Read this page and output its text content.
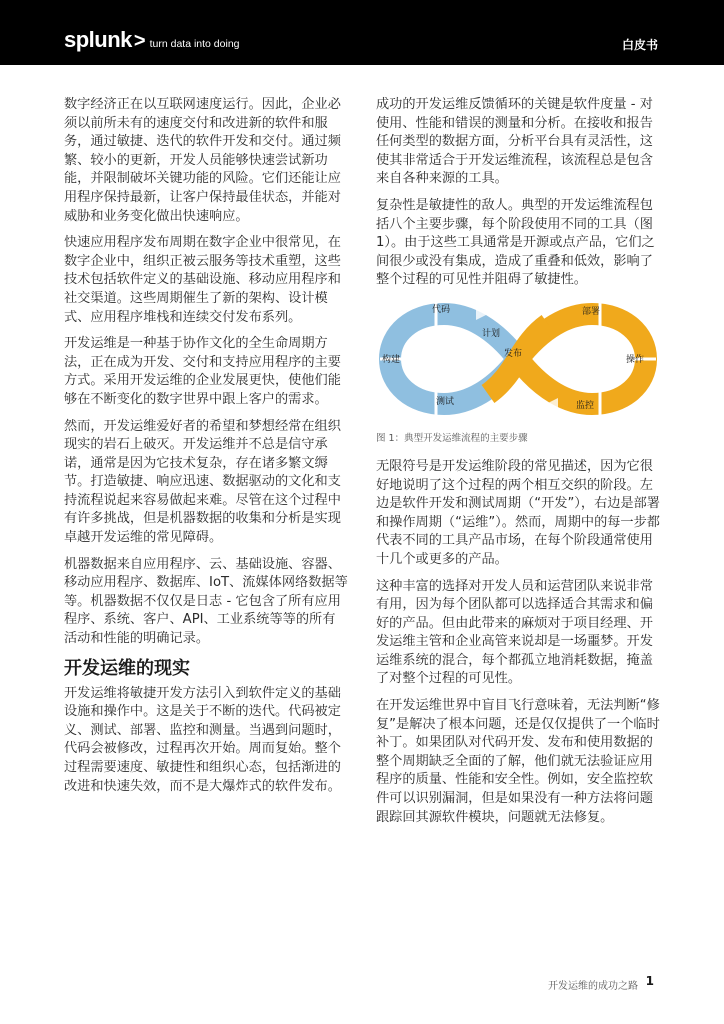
splunk > turn data into doing	白皮书

数字经济正在以互联网速度运行。因此，企业必须以前所未有的速度交付和改进新的软件和服务，通过敏捷、迭代的软件开发和交付。通过频繁、较小的更新，开发人员能够快速尝试新功能，并限制破坏关键功能的风险。它们还能让应用程序保持最新，让客户保持最佳状态，并能对威胁和业务变化做出快速响应。

快速应用程序发布周期在数字企业中很常见，在数字企业中，组织正被云服务等技术重塑，这些技术包括软件定义的基础设施、移动应用程序和社交渠道。这些周期催生了新的架构、设计模式、应用程序堆栈和连续交付发布系列。

开发运维是一种基于协作文化的全生命周期方法，正在成为开发、交付和支持应用程序的主要方式。采用开发运维的企业发展更快，使他们能够在不断变化的数字世界中跟上客户的需求。

然而，开发运维爱好者的希望和梦想经常在组织现实的岩石上破灭。开发运维并不总是信守承诺，通常是因为它技术复杂，存在诸多繁文缛节。打造敏捷、响应迅速、数据驱动的文化和支持流程说起来容易做起来难。尽管在这个过程中有许多挑战，但是机器数据的收集和分析是实现卓越开发运维的常见障碍。

机器数据来自应用程序、云、基础设施、容器、移动应用程序、数据库、IoT、流媒体网络数据等等。机器数据不仅仅是日志 - 它包含了所有应用程序、系统、客户、API、工业系统等等的所有活动和性能的明确记录。

开发运维的现实

开发运维将敏捷开发方法引入到软件定义的基础设施和操作中。这是关于不断的迭代。代码被定义、测试、部署、监控和测量。当遇到问题时，代码会被修改，过程再次开始。周而复始。整个过程需要速度、敏捷性和组织心态，包括渐进的改进和快速失效，而不是大爆炸式的软件发布。

成功的开发运维反馈循环的关键是软件度量 - 对使用、性能和错误的测量和分析。在接收和报告任何类型的数据方面，分析平台具有灵活性，这使其非常适合于开发运维流程，该流程总是包含来自各种来源的工具。

复杂性是敏捷性的敌人。典型的开发运维流程包括八个主要步骤，每个阶段使用不同的工具（图 1）。由于这些工具通常是开源或点产品，它们之间很少或没有集成，造成了重叠和低效，影响了整个过程的可见性并阻碍了敏捷性。

代码
计划
构建
发布
测试
部署
操作
监控

图 1：典型开发运维流程的主要步骤

无限符号是开发运维阶段的常见描述，因为它很好地说明了这个过程的两个相互交织的阶段。左边是软件开发和测试周期（“开发”），右边是部署和操作周期（“运维”）。然而，周期中的每一步都代表不同的工具产品市场，在每个阶段通常使用十几个或更多的产品。

这种丰富的选择对开发人员和运营团队来说非常有用，因为每个团队都可以选择适合其需求和偏好的产品。但由此带来的麻烦对于项目经理、开发运维主管和企业高管来说却是一场噩梦。开发运维系统的混合，每个都孤立地消耗数据，掩盖了对整个过程的可见性。

在开发运维世界中盲目飞行意味着，无法判断“修复”是解决了根本问题，还是仅仅提供了一个临时补丁。如果团队对代码开发、发布和使用数据的整个周期缺乏全面的了解，他们就无法验证应用程序的质量、性能和安全性。例如，安全监控软件可以识别漏洞，但是如果没有一种方法将问题跟踪回其源软件模块，问题就无法修复。

开发运维的成功之路 1
